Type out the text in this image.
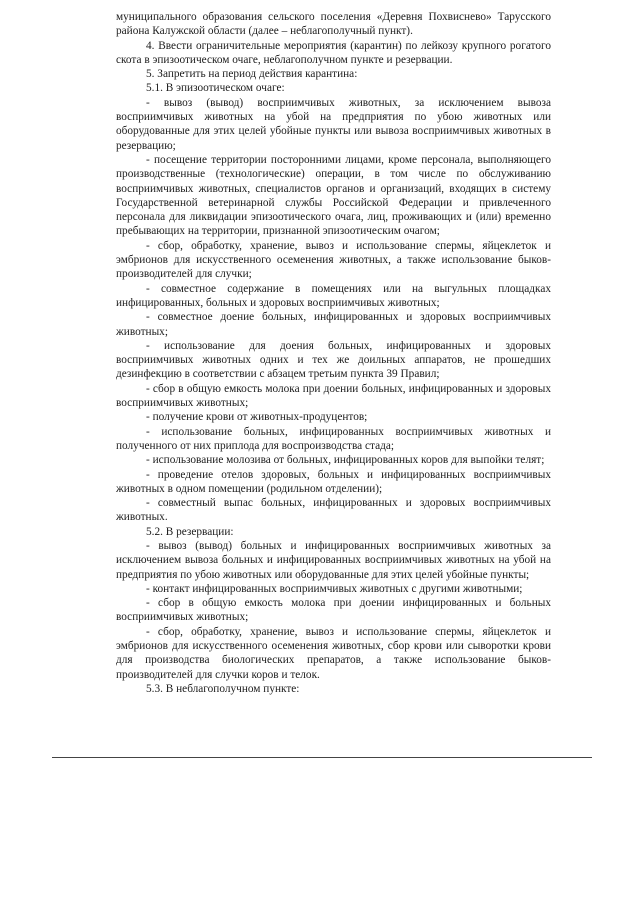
муниципального образования сельского поселения «Деревня Похвиснево» Тарусского района Калужской области (далее – неблагополучный пункт).

4. Ввести ограничительные мероприятия (карантин) по лейкозу крупного рогатого скота в эпизоотическом очаге, неблагополучном пункте и резервации.

5. Запретить на период действия карантина:

5.1. В эпизоотическом очаге:

- вывоз (вывод) восприимчивых животных, за исключением вывоза восприимчивых животных на убой на предприятия по убою животных или оборудованные для этих целей убойные пункты или вывоза восприимчивых животных в резервацию;

- посещение территории посторонними лицами, кроме персонала, выполняющего производственные (технологические) операции, в том числе по обслуживанию восприимчивых животных, специалистов органов и организаций, входящих в систему Государственной ветеринарной службы Российской Федерации и привлеченного персонала для ликвидации эпизоотического очага, лиц, проживающих и (или) временно пребывающих на территории, признанной эпизоотическим очагом;

- сбор, обработку, хранение, вывоз и использование спермы, яйцеклеток и эмбрионов для искусственного осеменения животных, а также использование быков-производителей для случки;

- совместное содержание в помещениях или на выгульных площадках инфицированных, больных и здоровых восприимчивых животных;

- совместное доение больных, инфицированных и здоровых восприимчивых животных;

- использование для доения больных, инфицированных и здоровых восприимчивых животных одних и тех же доильных аппаратов, не прошедших дезинфекцию в соответствии с абзацем третьим пункта 39 Правил;

- сбор в общую емкость молока при доении больных, инфицированных и здоровых восприимчивых животных;

- получение крови от животных-продуцентов;

- использование больных, инфицированных восприимчивых животных и полученного от них приплода для воспроизводства стада;

- использование молозива от больных, инфицированных коров для выпойки телят;

- проведение отелов здоровых, больных и инфицированных восприимчивых животных в одном помещении (родильном отделении);

- совместный выпас больных, инфицированных и здоровых восприимчивых животных.

5.2. В резервации:

- вывоз (вывод) больных и инфицированных восприимчивых животных за исключением вывоза больных и инфицированных восприимчивых животных на убой на предприятия по убою животных или оборудованные для этих целей убойные пункты;

- контакт инфицированных восприимчивых животных с другими животными;

- сбор в общую емкость молока при доении инфицированных и больных восприимчивых животных;

- сбор, обработку, хранение, вывоз и использование спермы, яйцеклеток и эмбрионов для искусственного осеменения животных, сбор крови или сыворотки крови для производства биологических препаратов, а также использование быков-производителей для случки коров и телок.

5.3. В неблагополучном пункте:
